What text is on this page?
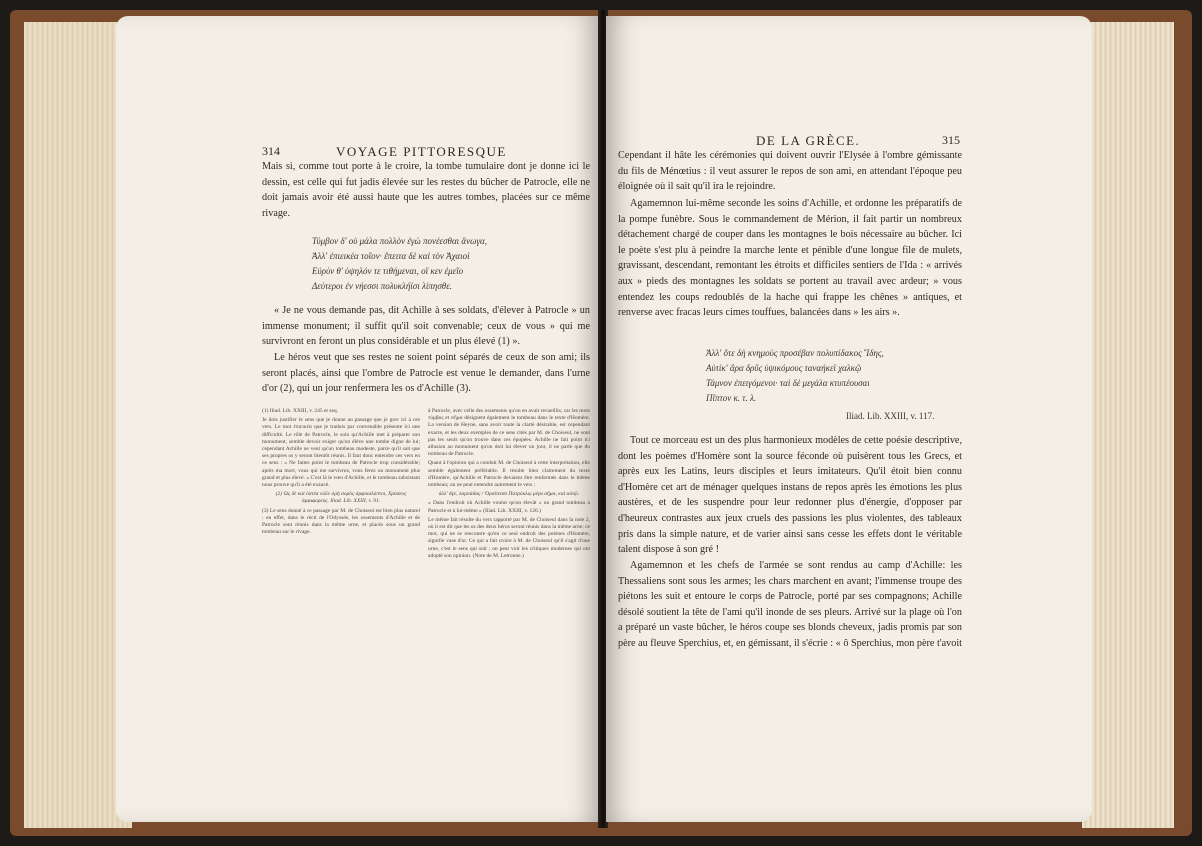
314	VOYAGE PITTORESQUE
Mais si, comme tout porte à le croire, la tombe tumulaire dont je donne ici le dessin, est celle qui fut jadis élevée sur les restes du bûcher de Patrocle, elle ne doit jamais avoir été aussi haute que les autres tombes, placées sur ce même rivage.
Τύμβον δ' οὐ μάλα πολλὸν ἐγὼ πονέεσθαι ἄνωγα,
Ἀλλ' ἐπιεικέα τοῖον· ἔπειτα δὲ καὶ τὸν Ἀχαιοὶ
Εὐρύν θ' ὑψηλόν τε τιθήμεναι, οἵ κεν ἐμεῖο
Δεύτεροι ἐν νήεσσι πολυκλήϊσι λίπησθε.
« Je ne vous demande pas, dit Achille à ses soldats, d'élever à Patrocle » un immense monument; il suffit qu'il soit convenable; ceux de vous » qui me survivront en feront un plus considérable et un plus élevé (1) ».
Le héros veut que ses restes ne soient point séparés de ceux de son ami; ils seront placés, ainsi que l'ombre de Patrocle est venue le demander, dans l'urne d'or (2), qui un jour renfermera les os d'Achille (3).

(1) Iliad. Lib. XXIII, v. 245 et seq.

Je dois justifier le sens que je donne au passage que je grec ici à ces vers. Le mot ἐπιεικέα que je traduis par convenable présente ici une difficulté. Le rôle de Patrocle, le soin qu'Achille met à préparer son monument, semble devoir exiger qu'on élève une tombe digne de lui; cependant Achille ne veut qu'un tombeau modeste, parce qu'il sait que ses propres os y seront bientôt réunis. Il faut donc entendre ces vers en ce sens : « Ne faites point le tombeau de Patrocle trop considérable; après ma mort, vous qui me survivrez, vous ferez un monument plus grand et plus élevé. » C'est là le vœu d'Achille, et le tombeau subsistant nous prouve qu'il a été exaucé.

(2) Ὡς δὲ καὶ ὀστέα νῶϊν ὁμὴ σορὸς ἀμφικαλύπτοι, Χρύσεος ἀμφιφορεύς. Iliad. Lib. XXIII, v. 91.

(3) Le sens donné à ce passage par M. de Choiseul est bien plus naturel : en effet, dans le récit de l'Odyssée, les ossements d'Achille et de Patrocle sont réunis dans la même urne, et placés sous un grand tombeau sur le rivage.

à Patrocle, avec celle des ossements qu'on en avait recueillis; car les mots τύμβος et σῆμα désignent également le tombeau dans le texte d'Homère. La version de Heyne, sans avoir toute la clarté désirable, est cependant exacte, et les deux exemples de ce sens cités par M. de Choiseul, ne sont pas les seuls qu'on trouve dans ces épopées. Achille ne fait point ici allusion au monument qu'on doit lui élever un jour, il ne parle que du tombeau de Patrocle.

Quant à l'opinion qui a conduit M. de Choiseul à cette interprétation, elle semble également préférable. Il résulte bien clairement du texte d'Homère, qu'Achille et Patrocle devaient être renfermés dans le même tombeau; on ne peut entendre autrement le vers :

ἀλλ' ἄγε, λαμπάδας / Ὀρσίτεσσι Πατρόκλῳ μέγα σῆμα, καὶ αὐτῷ.

« Dans l'endroit où Achille voulut qu'on élevât » un grand tombeau à Patrocle et à lui-même » (Iliad. Lib. XXIII, v. 126.)

Le même fait résulte du vers rapporté par M. de Choiseul dans la note 2, où il est dit que les os des deux héros seront réunis dans la même urne; ce mot, qui ne se rencontre qu'en ce seul endroit des poèmes d'Homère, signifie vase d'or. Ce qui a fait croire à M. de Choiseul qu'il s'agit d'une urne, c'est le sens qui suit ; on peut voir les critiques modernes qui ont adopté son opinion. (Note de M. Letronne.)

DE LA GRÈCE.	315
Cependant il hâte les cérémonies qui doivent ouvrir l'Elysée à l'ombre gémissante du fils de Ménœtius : il veut assurer le repos de son ami, en attendant l'époque peu éloignée où il sait qu'il ira le rejoindre.
Agamemnon lui-même seconde les soins d'Achille, et ordonne les préparatifs de la pompe funèbre. Sous le commandement de Mérion, il fait partir un nombreux détachement chargé de couper dans les montagnes le bois nécessaire au bûcher. Ici le poète s'est plu à peindre la marche lente et pénible d'une longue file de mulets, gravissant, descendant, remontant les étroits et difficiles sentiers de l'Ida : « arrivés aux » pieds des montagnes les soldats se portent au travail avec ardeur; » vous entendez les coups redoublés de la hache qui frappe les chênes » antiques, et renverse avec fracas leurs cimes touffues, balancées dans » les airs ».
Ἀλλ' ὅτε δὴ κνημοὺς προσέβαν πολυπίδακος Ἴδης,
Αὐτίκ' ἄρα δρῦς ὑψικόμους ταναήκεϊ χαλκῷ
Τάμνον ἐπειγόμενοι· ταὶ δὲ μεγάλα κτυπέουσαι
Πῖπτον κ. τ. λ.
Iliad. Lib. XXIII, v. 117.
Tout ce morceau est un des plus harmonieux modèles de cette poésie descriptive, dont les poèmes d'Homère sont la source féconde où puisèrent tous les Grecs, et après eux les Latins, leurs disciples et leurs imitateurs. Qu'il étoit bien connu d'Homère cet art de ménager quelques instans de repos après les émotions les plus austères, et de les suspendre pour leur redonner plus d'énergie, d'opposer par d'heureux contrastes aux jeux cruels des passions les plus violentes, des tableaux pris dans la simple nature, et de varier ainsi sans cesse les effets dont le véritable talent dispose à son gré !
Agamemnon et les chefs de l'armée se sont rendus au camp d'Achille: les Thessaliens sont sous les armes; les chars marchent en avant; l'immense troupe des piétons les suit et entoure le corps de Patrocle, porté par ses compagnons; Achille désolé soutient la tête de l'ami qu'il inonde de ses pleurs. Arrivé sur la plage où l'on a préparé un vaste bûcher, le héros coupe ses blonds cheveux, jadis promis par son père au fleuve Sperchius, et, en gémissant, il s'écrie : « ô Sperchius, mon père t'avoit
